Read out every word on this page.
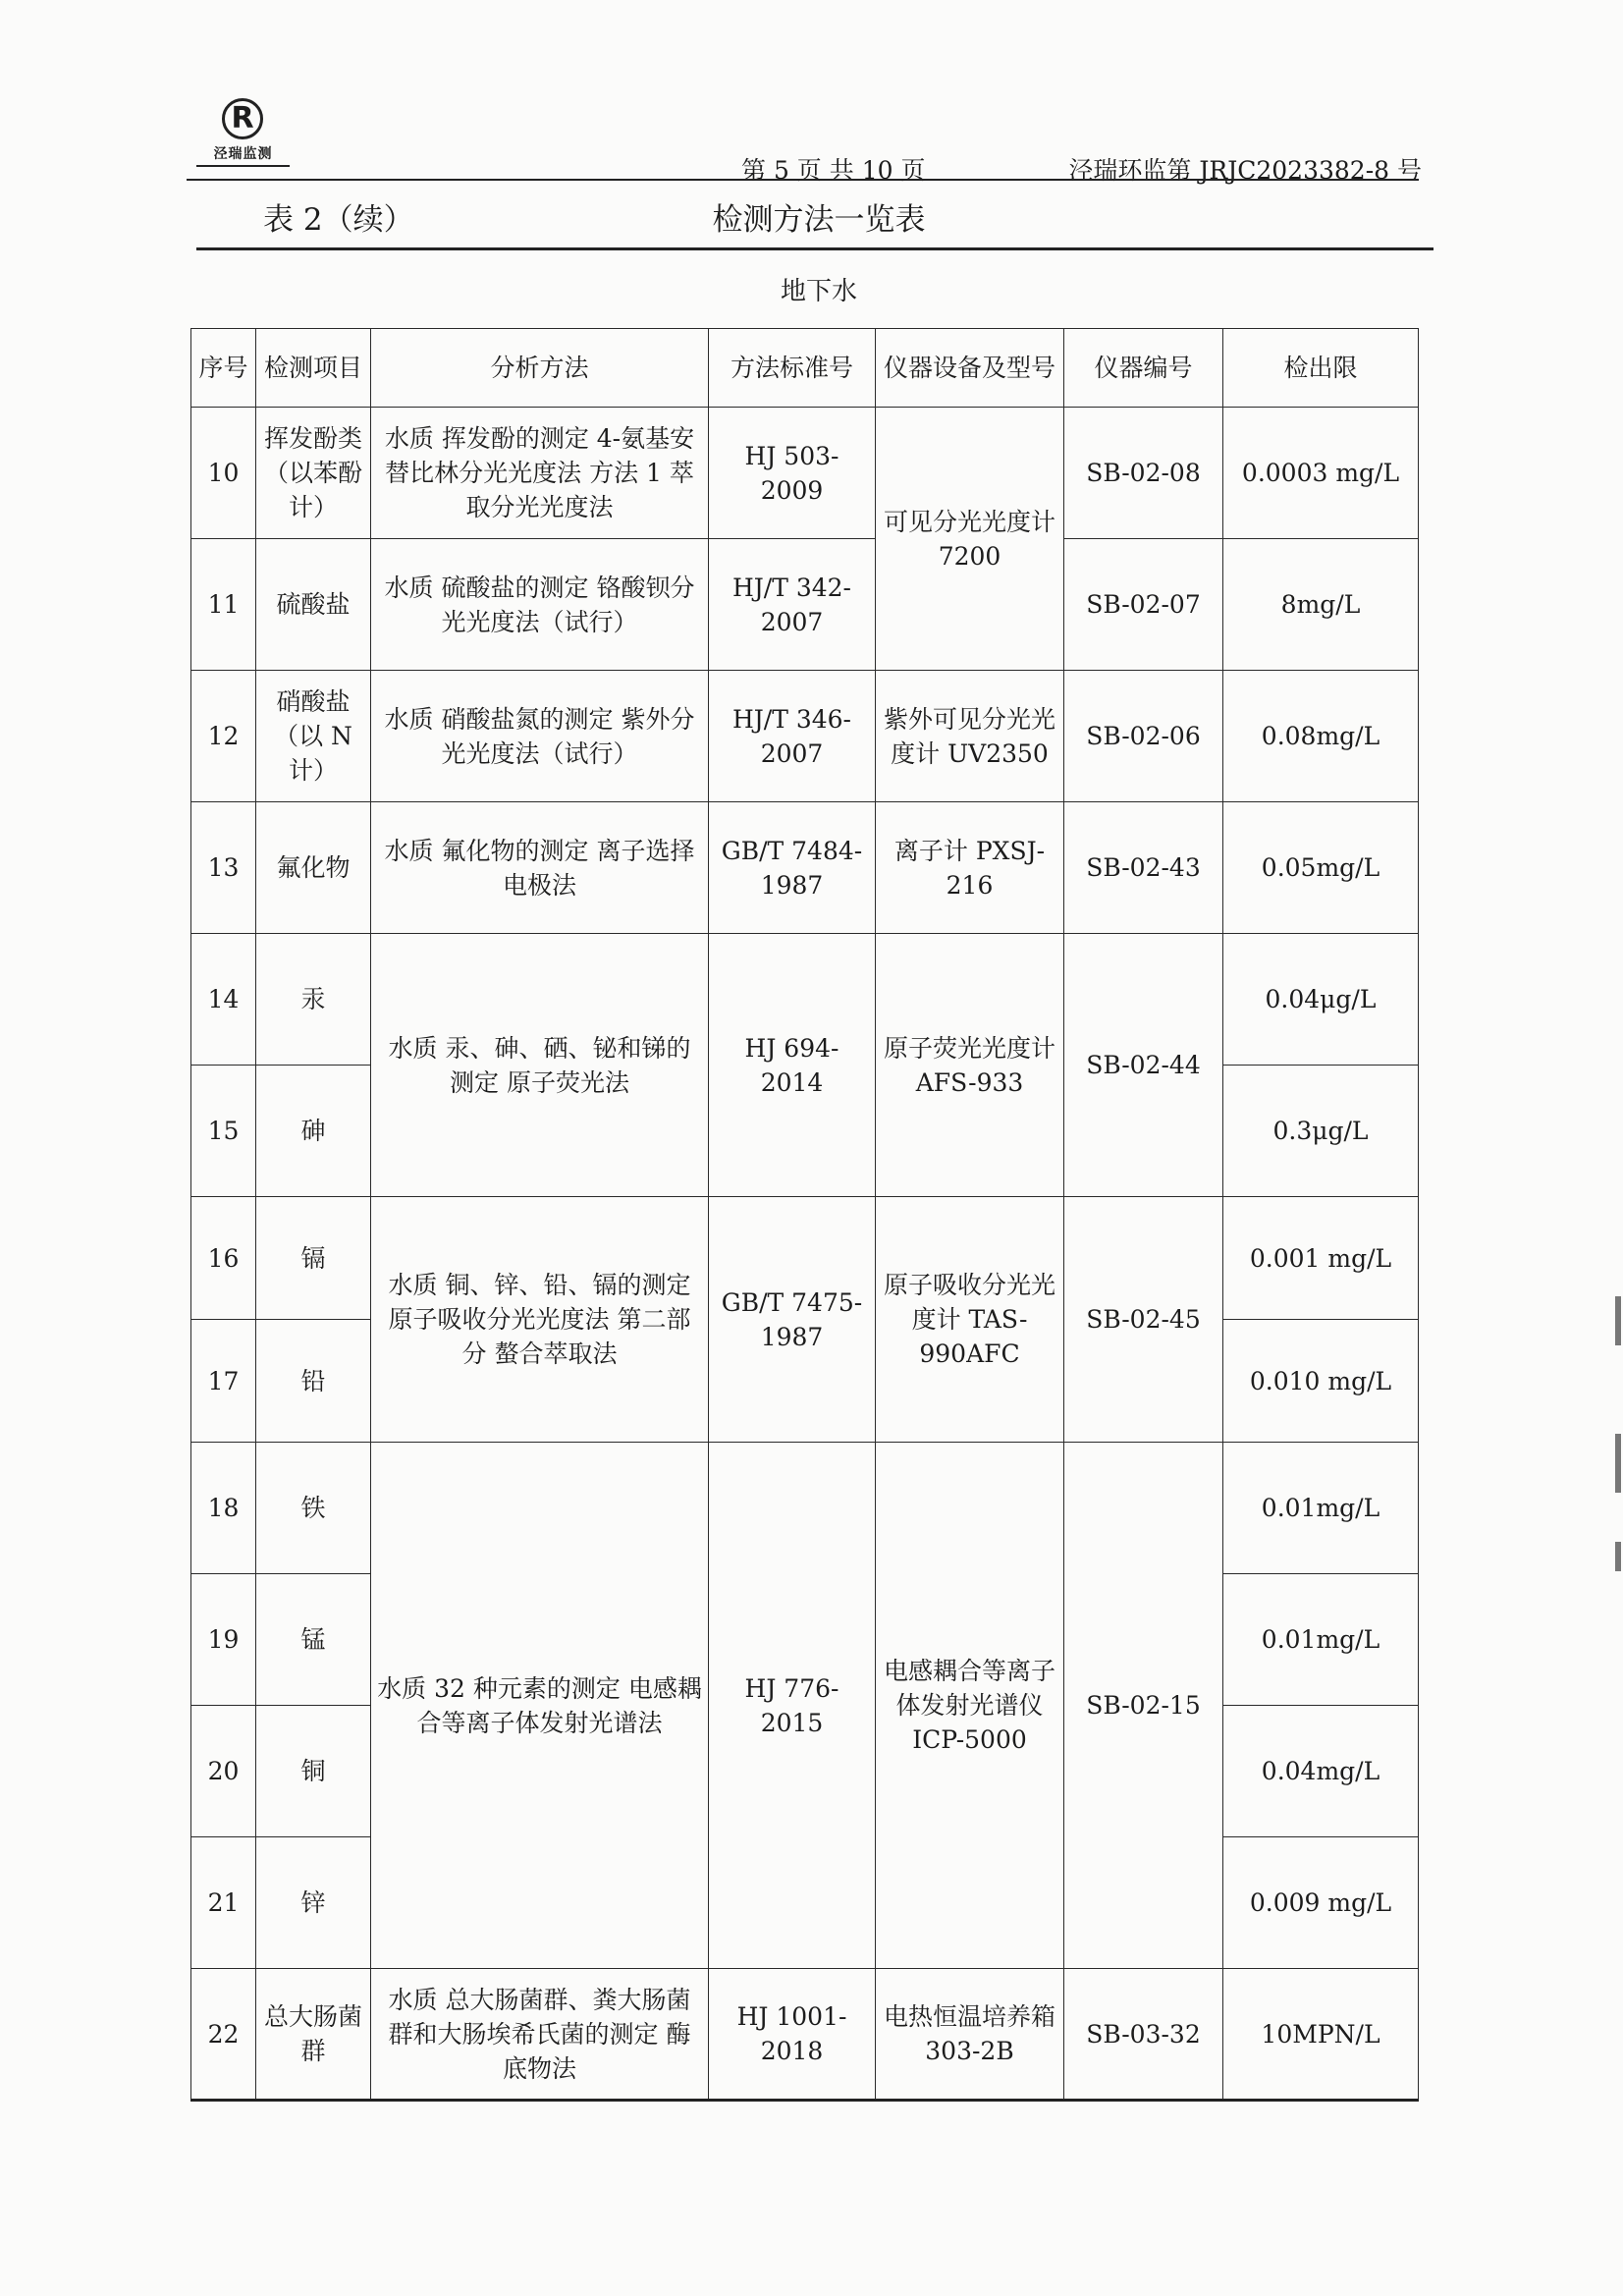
R
泾瑞监测
第 5 页 共 10 页	泾瑞环监第 JRJC2023382-8 号
表 2（续）	检测方法一览表
地下水
序号	检测项目	分析方法	方法标准号	仪器设备及型号	仪器编号	检出限
10	挥发酚类（以苯酚计）	水质 挥发酚的测定 4-氨基安替比林分光光度法 方法 1 萃取分光光度法	HJ 503-2009	可见分光光度计 7200	SB-02-08	0.0003 mg/L
11	硫酸盐	水质 硫酸盐的测定 铬酸钡分光光度法（试行）	HJ/T 342-2007		SB-02-07	8mg/L
12	硝酸盐（以 N 计）	水质 硝酸盐氮的测定 紫外分光光度法（试行）	HJ/T 346-2007	紫外可见分光光度计 UV2350	SB-02-06	0.08mg/L
13	氟化物	水质 氟化物的测定 离子选择电极法	GB/T 7484-1987	离子计 PXSJ-216	SB-02-43	0.05mg/L
14	汞	水质 汞、砷、硒、铋和锑的测定 原子荧光法	HJ 694-2014	原子荧光光度计 AFS-933	SB-02-44	0.04μg/L
15	砷					0.3μg/L
16	镉	水质 铜、锌、铅、镉的测定 原子吸收分光光度法 第二部分 螯合萃取法	GB/T 7475-1987	原子吸收分光光度计 TAS-990AFC	SB-02-45	0.001 mg/L
17	铅					0.010 mg/L
18	铁	水质 32 种元素的测定 电感耦合等离子体发射光谱法	HJ 776-2015	电感耦合等离子体发射光谱仪 ICP-5000	SB-02-15	0.01mg/L
19	锰					0.01mg/L
20	铜					0.04mg/L
21	锌					0.009 mg/L
22	总大肠菌群	水质 总大肠菌群、粪大肠菌群和大肠埃希氏菌的测定 酶底物法	HJ 1001-2018	电热恒温培养箱 303-2B	SB-03-32	10MPN/L
